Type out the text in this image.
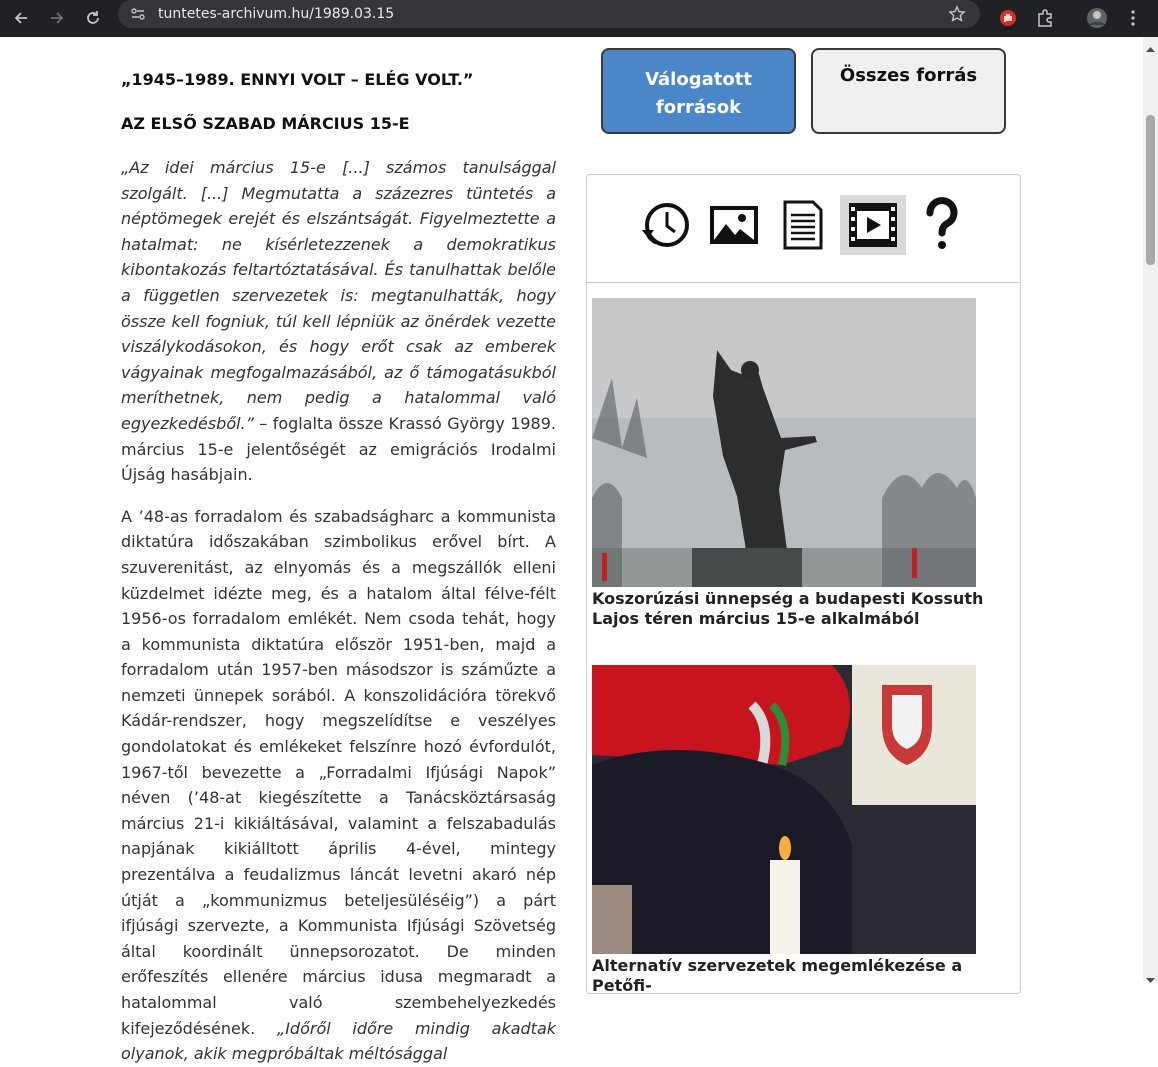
tuntetes-archivum.hu/1989.03.15
„1945–1989. ENNYI VOLT – ELÉG VOLT.”
AZ ELSŐ SZABAD MÁRCIUS 15-E

„Az idei március 15-e [...] számos tanulsággal szolgált. [...] Megmutatta a százezres tüntetés a néptömegek erejét és elszántságát. Figyelmeztette a hatalmat: ne kísérletezzenek a demokratikus kibontakozás feltartóztatásával. És tanulhattak belőle a független szervezetek is: megtanulhatták, hogy össze kell fogniuk, túl kell lépniük az önérdek vezette viszálykodásokon, és hogy erőt csak az emberek vágyainak megfogalmazásából, az ő támogatásukból meríthetnek, nem pedig a hatalommal való egyezkedésből.” – foglalta össze Krassó György 1989. március 15-e jelentőségét az emigrációs Irodalmi Újság hasábjain.

A ’48-as forradalom és szabadságharc a kommunista diktatúra időszakában szimbolikus erővel bírt. A szuverenitást, az elnyomás és a megszállók elleni küzdelmet idézte meg, és a hatalom által félve-félt 1956-os forradalom emlékét. Nem csoda tehát, hogy a kommunista diktatúra először 1951-ben, majd a forradalom után 1957-ben másodszor is száműzte a nemzeti ünnepek sorából. A konszolidációra törekvő Kádár-rendszer, hogy megszelídítse e veszélyes gondolatokat és emlékeket felszínre hozó évfordulót, 1967-től bevezette a „Forradalmi Ifjúsági Napok” néven (’48-at kiegészítette a Tanácsköztársaság március 21-i kikiáltásával, valamint a felszabadulás napjának kikiálltott április 4-ével, mintegy prezentálva a feudalizmus láncát levetni akaró nép útját a „kommunizmus beteljesüléséig”) a párt ifjúsági szervezte, a Kommunista Ifjúsági Szövetség által koordinált ünnepsorozatot. De minden erőfeszítés ellenére március idusa megmaradt a hatalommal való szembehelyezkedés kifejeződésének. „Időről időre mindig akadtak olyanok, akik megpróbáltak méltósággal

Válogatott források
Összes forrás
Koszorúzási ünnepség a budapesti Kossuth Lajos téren március 15-e alkalmából
Alternatív szervezetek megemlékezése a Petőfi-
